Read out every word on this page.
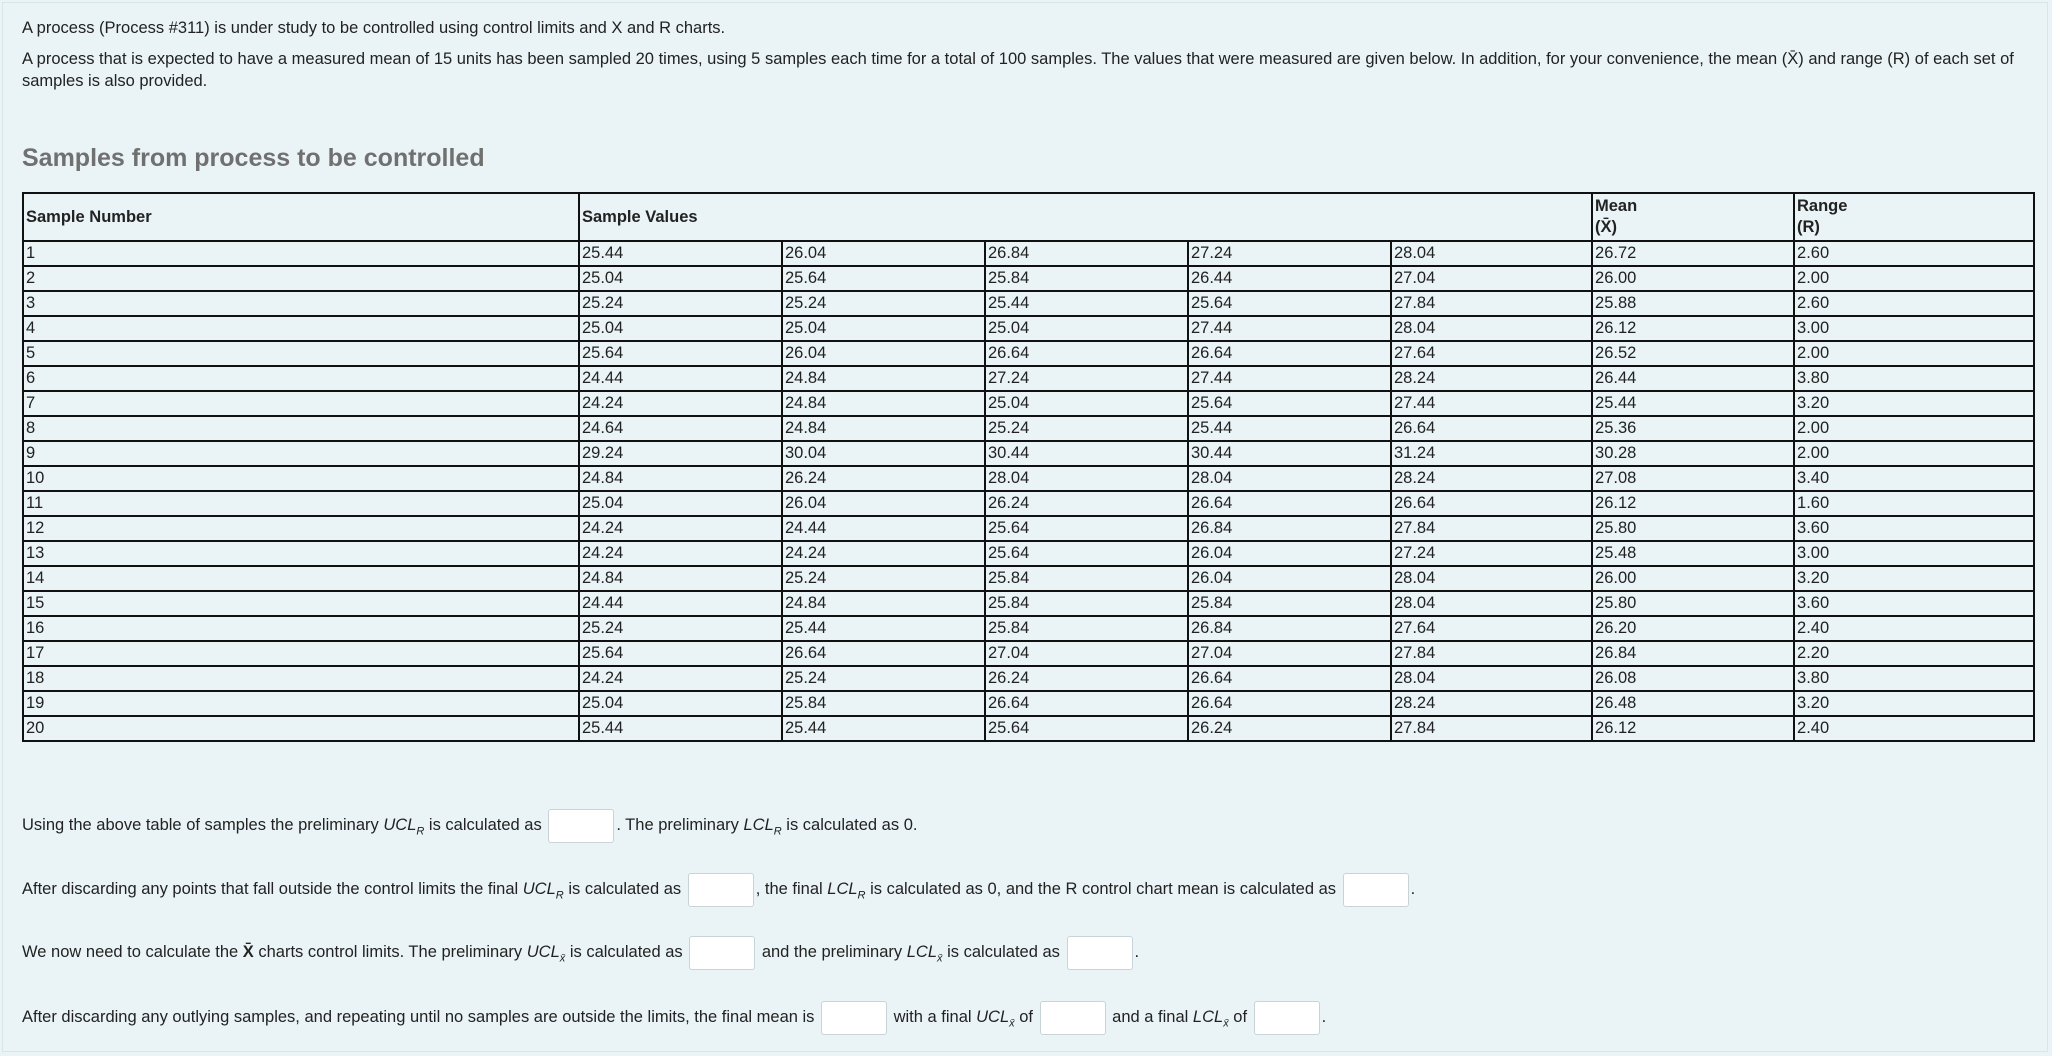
A process (Process #311) is under study to be controlled using control limits and X and R charts.

A process that is expected to have a measured mean of 15 units has been sampled 20 times, using 5 samples each time for a total of 100 samples. The values that were measured are given below. In addition, for your convenience, the mean (X̄) and range (R) of each set of samples is also provided.

Samples from process to be controlled
Sample Number	Sample Values					Mean
(X̄)	Range
(R)
1	25.44	26.04	26.84	27.24	28.04	26.72	2.60
2	25.04	25.64	25.84	26.44	27.04	26.00	2.00
3	25.24	25.24	25.44	25.64	27.84	25.88	2.60
4	25.04	25.04	25.04	27.44	28.04	26.12	3.00
5	25.64	26.04	26.64	26.64	27.64	26.52	2.00
6	24.44	24.84	27.24	27.44	28.24	26.44	3.80
7	24.24	24.84	25.04	25.64	27.44	25.44	3.20
8	24.64	24.84	25.24	25.44	26.64	25.36	2.00
9	29.24	30.04	30.44	30.44	31.24	30.28	2.00
10	24.84	26.24	28.04	28.04	28.24	27.08	3.40
11	25.04	26.04	26.24	26.64	26.64	26.12	1.60
12	24.24	24.44	25.64	26.84	27.84	25.80	3.60
13	24.24	24.24	25.64	26.04	27.24	25.48	3.00
14	24.84	25.24	25.84	26.04	28.04	26.00	3.20
15	24.44	24.84	25.84	25.84	28.04	25.80	3.60
16	25.24	25.44	25.84	26.84	27.64	26.20	2.40
17	25.64	26.64	27.04	27.04	27.84	26.84	2.20
18	24.24	25.24	26.24	26.64	28.04	26.08	3.80
19	25.04	25.84	26.64	26.64	28.24	26.48	3.20
20	25.44	25.44	25.64	26.24	27.84	26.12	2.40
Using the above table of samples the preliminary $UCL_R$ is calculated as	. The preliminary $LCL_R$ is calculated as 0.
After discarding any points that fall outside the control limits the final $UCL_R$ is calculated as	, the final $LCL_R$ is calculated as 0, and the R control chart mean is calculated as	.
We now need to calculate the X̄ charts control limits. The preliminary $UCL_{x̄}$ is calculated as	and the preliminary $LCL_{x̄}$ is calculated as	.
After discarding any outlying samples, and repeating until no samples are outside the limits, the final mean is	with a final $UCL_{x̄}$ of	and a final $LCL_{x̄}$ of	.
